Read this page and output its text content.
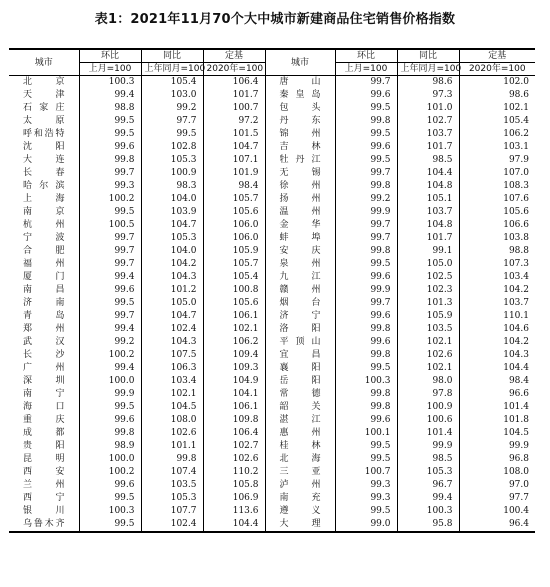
表1：2021年11月70个大中城市新建商品住宅销售价格指数
城市	环比	同比	定基	城市	环比	同比	定基
	上月=100	上年同月=100	2020年=100		上月=100	上年同月=100	2020年=100
北京	100.3	105.4	106.4	唐山	99.7	98.6	102.0
天津	99.4	103.0	101.7	秦皇岛	99.6	97.3	98.6
石家庄	98.8	99.2	100.7	包头	99.5	101.0	102.1
太原	99.5	97.7	97.2	丹东	99.8	102.7	105.4
呼和浩特	99.5	99.5	101.5	锦州	99.5	103.7	106.2
沈阳	99.6	102.8	104.7	吉林	99.6	101.7	103.1
大连	99.8	105.3	107.1	牡丹江	99.5	98.5	97.9
长春	99.7	100.9	101.9	无锡	99.7	104.4	107.0
哈尔滨	99.3	98.3	98.4	徐州	99.8	104.8	108.3
上海	100.2	104.0	105.7	扬州	99.2	105.1	107.6
南京	99.5	103.9	105.6	温州	99.9	103.7	105.6
杭州	100.5	104.7	106.0	金华	99.7	104.8	106.6
宁波	99.7	105.3	106.0	蚌埠	99.7	101.7	103.8
合肥	99.7	104.0	105.9	安庆	99.8	99.1	98.8
福州	99.7	104.2	105.7	泉州	99.5	105.0	107.3
厦门	99.4	104.3	105.4	九江	99.6	102.5	103.4
南昌	99.6	101.2	100.8	赣州	99.9	102.3	104.2
济南	99.5	105.0	105.6	烟台	99.7	101.3	103.7
青岛	99.7	104.7	106.1	济宁	99.6	105.9	110.1
郑州	99.4	102.4	102.1	洛阳	99.8	103.5	104.6
武汉	99.2	104.3	106.2	平顶山	99.6	102.1	104.2
长沙	100.2	107.5	109.4	宜昌	99.8	102.6	104.3
广州	99.4	106.3	109.3	襄阳	99.5	102.1	104.4
深圳	100.0	103.4	104.9	岳阳	100.3	98.0	98.4
南宁	99.9	102.1	104.1	常德	99.8	97.8	96.6
海口	99.5	104.5	106.1	韶关	99.8	100.9	101.4
重庆	99.6	108.0	109.8	湛江	99.6	100.6	101.8
成都	99.8	102.6	106.4	惠州	100.1	101.4	104.5
贵阳	98.9	101.1	102.7	桂林	99.5	99.9	99.9
昆明	100.0	99.8	102.6	北海	99.5	98.5	96.8
西安	100.2	107.4	110.2	三亚	100.7	105.3	108.0
兰州	99.6	103.5	105.8	泸州	99.3	96.7	97.0
西宁	99.5	105.3	106.9	南充	99.3	99.4	97.7
银川	100.3	107.7	113.6	遵义	99.5	100.3	100.4
乌鲁木齐	99.5	102.4	104.4	大理	99.0	95.8	96.4
